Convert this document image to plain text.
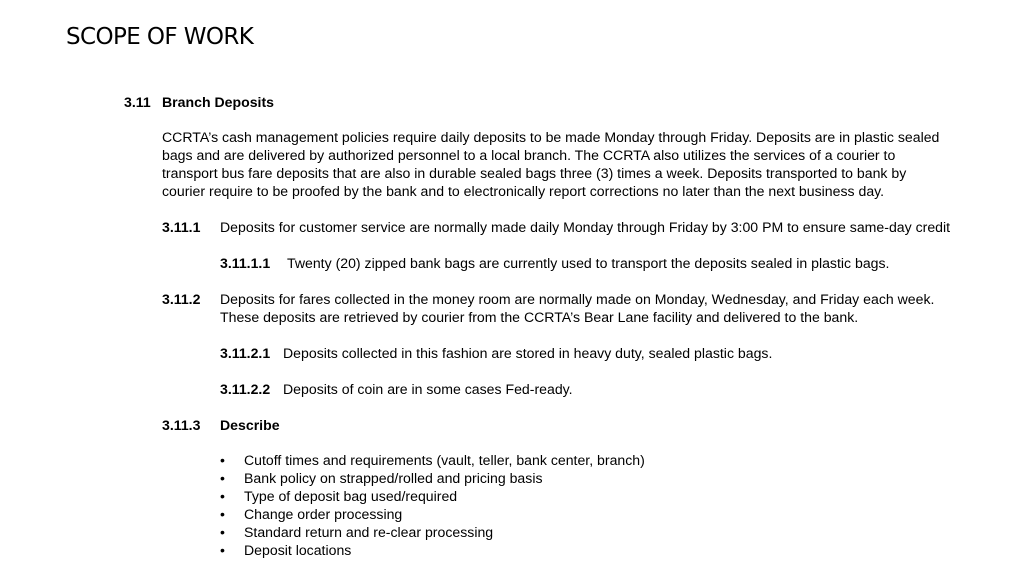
SCOPE OF WORK
3.11 Branch Deposits
CCRTA’s cash management policies require daily deposits to be made Monday through Friday. Deposits are in plastic sealed
bags and are delivered by authorized personnel to a local branch. The CCRTA also utilizes the services of a courier to
transport bus fare deposits that are also in durable sealed bags three (3) times a week. Deposits transported to bank by
courier require to be proofed by the bank and to electronically report corrections no later than the next business day.
3.11.1 Deposits for customer service are normally made daily Monday through Friday by 3:00 PM to ensure same-day credit
3.11.1.1 Twenty (20) zipped bank bags are currently used to transport the deposits sealed in plastic bags.
3.11.2 Deposits for fares collected in the money room are normally made on Monday, Wednesday, and Friday each week.
These deposits are retrieved by courier from the CCRTA’s Bear Lane facility and delivered to the bank.
3.11.2.1 Deposits collected in this fashion are stored in heavy duty, sealed plastic bags.
3.11.2.2 Deposits of coin are in some cases Fed-ready.
3.11.3 Describe
• Cutoff times and requirements (vault, teller, bank center, branch)
• Bank policy on strapped/rolled and pricing basis
• Type of deposit bag used/required
• Change order processing
• Standard return and re-clear processing
• Deposit locations
